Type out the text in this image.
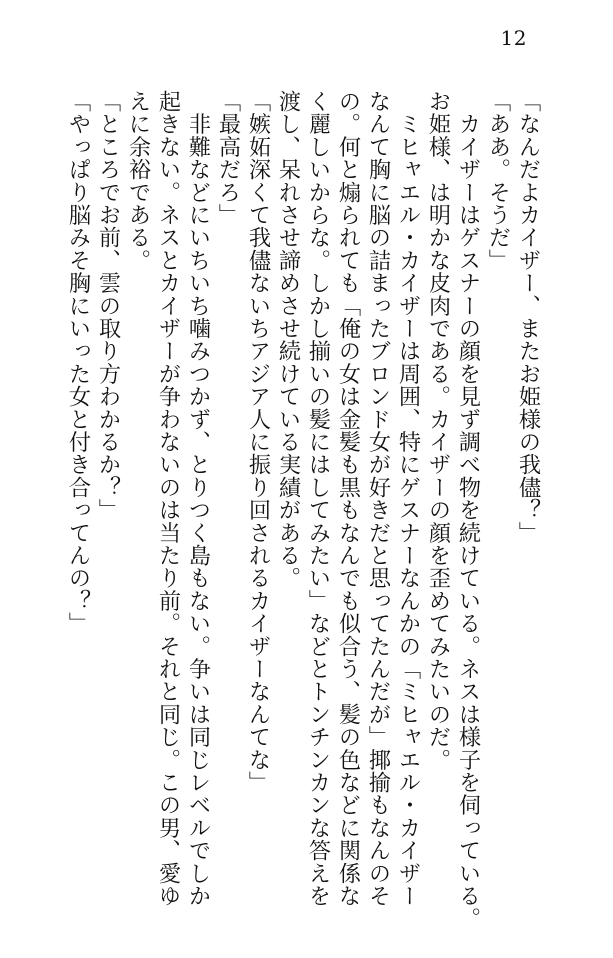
12
「なんだよカイザー、またお姫様の我儘？」
「ああ。そうだ」
　カイザーはゲスナーの顔を見ず調べ物を続けている。ネスは様子を伺っている。
お姫様、は明かな皮肉である。カイザーの顔を歪めてみたいのだ。
　ミヒャエル・カイザーは周囲、特にゲスナーなんかの「ミヒャエル・カイザー
なんて胸に脳の詰まったブロンド女が好きだと思ってたんだが」揶揄もなんのそ
の。何と煽られても「俺の女は金髪も黒もなんでも似合う、髪の色などに関係な
く麗しいからな。しかし揃いの髪にはしてみたい」などとトンチンカンな答えを
渡し、呆れさせ諦めさせ続けている実績がある。
「嫉妬深くて我儘ないちアジア人に振り回されるカイザーなんてな」
「最高だろ」
　非難などにいちいち噛みつかず、とりつく島もない。争いは同じレベルでしか
起きない。ネスとカイザーが争わないのは当たり前。それと同じ。この男、愛ゆ
えに余裕である。
「ところでお前、雲の取り方わかるか？」
「やっぱり脳みそ胸にいった女と付き合ってんの？」
